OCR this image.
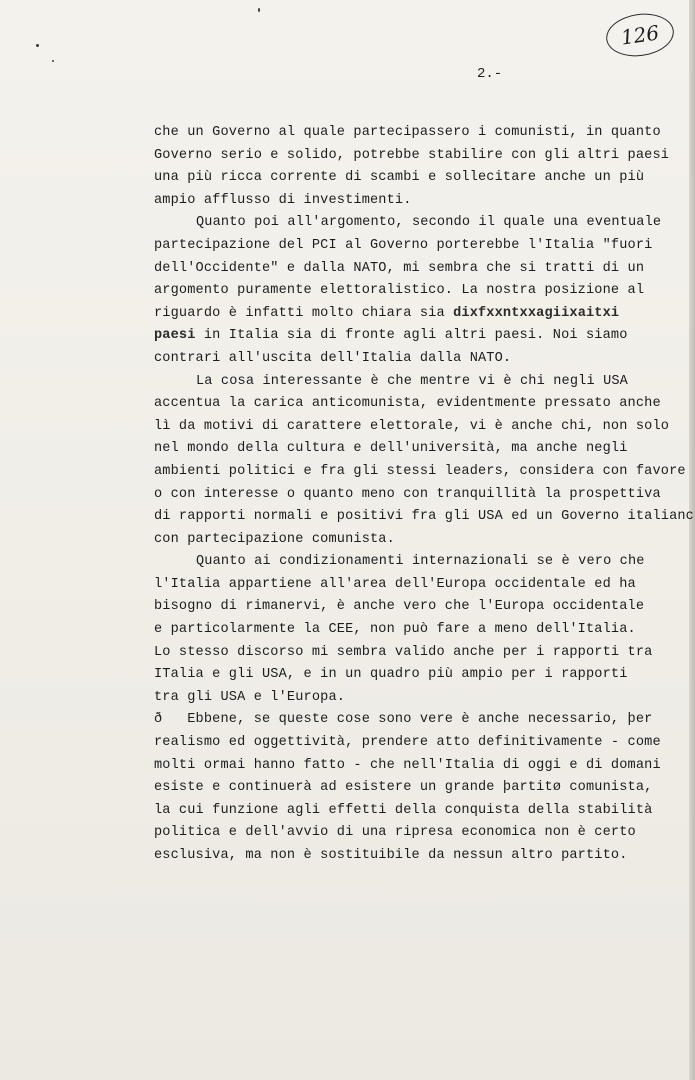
126
2.-
che un Governo al quale partecipassero i comunisti, in quanto
Governo serio e solido, potrebbe stabilire con gli altri paesi
una più ricca corrente di scambi e sollecitare anche un più
ampio afflusso di investimenti.
Quanto poi all'argomento, secondo il quale una eventuale
partecipazione del PCI al Governo porterebbe l'Italia "fuori
dell'Occidente" e dalla NATO, mi sembra che si tratti di un
argomento puramente elettoralistico. La nostra posizione al
riguardo è infatti molto chiara sia dixfxxntxxagiixaitxi
paesi in Italia sia di fronte agli altri paesi. Noi siamo
contrari all'uscita dell'Italia dalla NATO.
La cosa interessante è che mentre vi è chi negli USA
accentua la carica anticomunista, evidentmente pressato anche
lì da motivi di carattere elettorale, vi è anche chi, non solo
nel mondo della cultura e dell'università, ma anche negli
ambienti politici e fra gli stessi leaders, considera con favore
o con interesse o quanto meno con tranquillità la prospettiva
di rapporti normali e positivi fra gli USA ed un Governo italianc
con partecipazione comunista.
Quanto ai condizionamenti internazionali se è vero che
l'Italia appartiene all'area dell'Europa occidentale ed ha
bisogno di rimanervi, è anche vero che l'Europa occidentale
e particolarmente la CEE, non può fare a meno dell'Italia.
Lo stesso discorso mi sembra valido anche per i rapporti tra
ITalia e gli USA, e in un quadro più ampio per i rapporti
tra gli USA e l'Europa.
ð   Ebbene, se queste cose sono vere è anche necessario, þer
realismo ed oggettività, prendere atto definitivamente - come
molti ormai hanno fatto - che nell'Italia di oggi e di domani
esiste e continuerà ad esistere un grande þartitø comunista,
la cui funzione agli effetti della conquista della stabilità
politica e dell'avvio di una ripresa economica non è certo
esclusiva, ma non è sostituibile da nessun altro partito.
